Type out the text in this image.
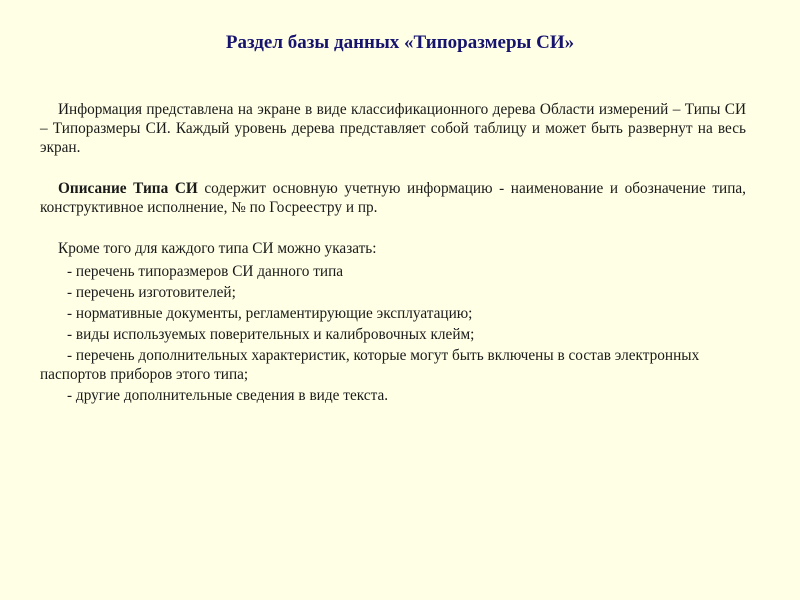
Раздел базы данных «Типоразмеры СИ»

Информация представлена на экране в виде классификационного дерева Области измерений – Типы СИ – Типоразмеры СИ. Каждый уровень дерева представляет собой таблицу и может быть развернут на весь экран.

Описание Типа СИ содержит основную учетную информацию - наименование и обозначение типа, конструктивное исполнение, № по Госреестру и пр.

Кроме того для каждого типа СИ можно указать:
- перечень типоразмеров СИ данного типа
- перечень изготовителей;
- нормативные документы, регламентирующие эксплуатацию;
- виды используемых поверительных и калибровочных клейм;
- перечень дополнительных характеристик, которые могут быть включены в состав электронных паспортов приборов этого типа;
- другие дополнительные сведения в виде текста.
